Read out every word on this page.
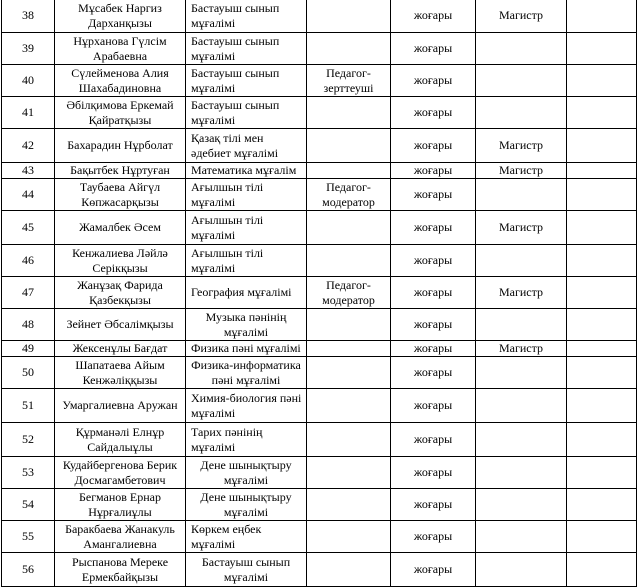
38	Мұсабек Наргиз Дарханқызы	Бастауыш сынып мұғалімі		жоғары	Магистр	
39	Нұрханова Гүлсім Арабаевна	Бастауыш сынып мұғалімі		жоғары		
40	Сүлейменова Алия Шахабадиновна	Бастауыш сынып мұғалімі	Педагог-зерттеуші	жоғары		
41	Әбілқимова Еркемай Қайратқызы	Бастауыш сынып мұғалімі		жоғары		
42	Бахарадин Нұрболат	Қазақ тілі мен әдебиет мұғалімі		жоғары	Магистр	
43	Бақытбек Нұртуған	Математика мұғалім		жоғары	Магистр	
44	Таубаева Айгүл Көпжасарқызы	Ағылшын тілі мұғалімі	Педагог-модератор	жоғары		
45	Жамалбек Әсем	Ағылшын тілі мұғалімі		жоғары	Магистр	
46	Кенжалиева Ләйлә Серікқызы	Ағылшын тілі мұғалімі		жоғары		
47	Жанұзақ Фарида Қазбекқызы	География мұғалімі	Педагог-модератор	жоғары	Магистр	
48	Зейнет Әбсалімқызы	Музыка пәнінің мұғалімі		жоғары		
49	Жексенұлы Бағдат	Физика пәні мұғалімі		жоғары	Магистр	
50	Шапатаева Айым Кенжәліққызы	Физика-информатика пәні мұғалімі		жоғары		
51	Умаргалиевна Аружан	Химия-биология пәні мұғалімі		жоғары		
52	Құрманәлі Елнұр Сайдалыұлы	Тарих пәнінің мұғалімі		жоғары		
53	Кудайбергенова Берик Досмагамбетович	Дене шынықтыру мұғалімі		жоғары		
54	Бегманов Ернар Нұрғалиұлы	Дене шынықтыру мұғалімі		жоғары		
55	Баракбаева Жанакуль Амангалиевна	Көркем еңбек мұғалімі		жоғары		
56	Рыспанова Мереке Ермекбайқызы	Бастауыш сынып мұғалімі		жоғары		
